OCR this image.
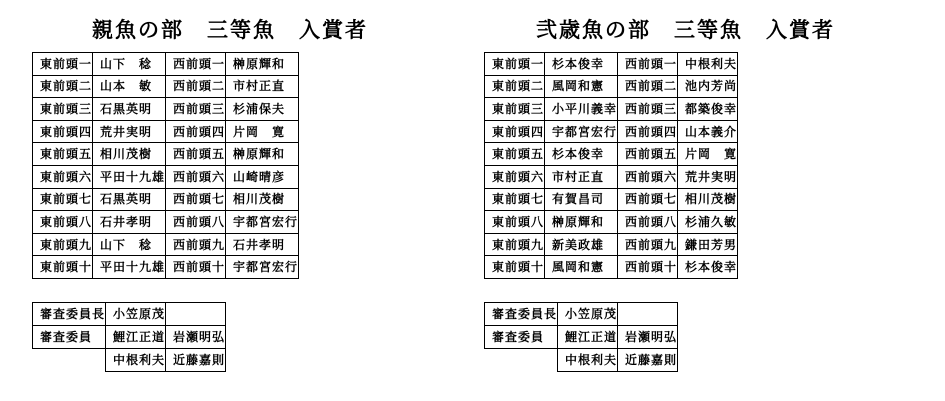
親魚の部　三等魚　入賞者
東前頭一	山下　稔	西前頭一	榊原輝和
東前頭二	山本　敏	西前頭二	市村正直
東前頭三	石黒英明	西前頭三	杉浦保夫
東前頭四	荒井実明	西前頭四	片岡　寛
東前頭五	相川茂樹	西前頭五	榊原輝和
東前頭六	平田十九雄	西前頭六	山崎晴彦
東前頭七	石黒英明	西前頭七	相川茂樹
東前頭八	石井孝明	西前頭八	宇都宮宏行
東前頭九	山下　稔	西前頭九	石井孝明
東前頭十	平田十九雄	西前頭十	宇都宮宏行
審査委員長	小笠原茂	
審査委員	鯉江正道	岩瀬明弘
	中根利夫	近藤嘉則
弐歳魚の部　三等魚　入賞者
東前頭一	杉本俊幸	西前頭一	中根利夫
東前頭二	風岡和憲	西前頭二	池内芳尚
東前頭三	小平川義幸	西前頭三	都築俊幸
東前頭四	宇都宮宏行	西前頭四	山本義介
東前頭五	杉本俊幸	西前頭五	片岡　寛
東前頭六	市村正直	西前頭六	荒井実明
東前頭七	有賀昌司	西前頭七	相川茂樹
東前頭八	榊原輝和	西前頭八	杉浦久敏
東前頭九	新美政雄	西前頭九	鎌田芳男
東前頭十	風岡和憲	西前頭十	杉本俊幸
審査委員長	小笠原茂	
審査委員	鯉江正道	岩瀬明弘
	中根利夫	近藤嘉則
